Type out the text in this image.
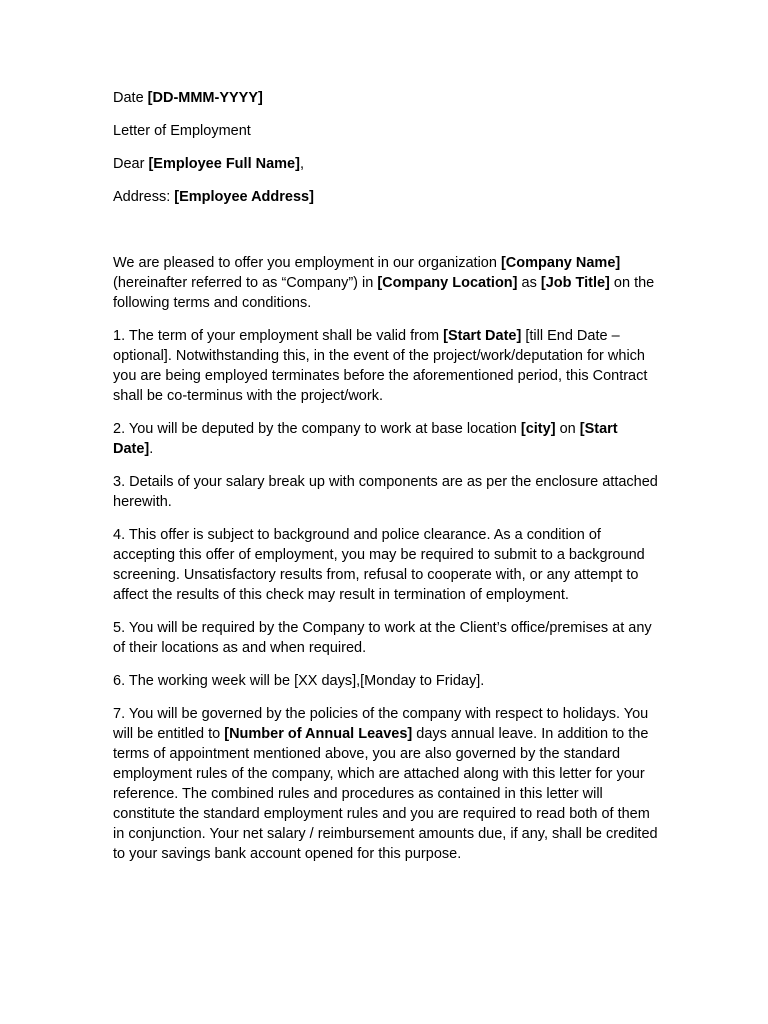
Date [DD-MMM-YYYY]

Letter of Employment

Dear [Employee Full Name],

Address: [Employee Address]

We are pleased to offer you employment in our organization [Company Name] (hereinafter referred to as “Company”) in [Company Location] as [Job Title] on the following terms and conditions.

1. The term of your employment shall be valid from [Start Date] [till End Date – optional]. Notwithstanding this, in the event of the project/work/deputation for which you are being employed terminates before the aforementioned period, this Contract shall be co-terminus with the project/work.

2. You will be deputed by the company to work at base location [city] on [Start Date].

3. Details of your salary break up with components are as per the enclosure attached herewith.

4. This offer is subject to background and police clearance. As a condition of accepting this offer of employment, you may be required to submit to a background screening. Unsatisfactory results from, refusal to cooperate with, or any attempt to affect the results of this check may result in termination of employment.

5. You will be required by the Company to work at the Client’s office/premises at any of their locations as and when required.

6. The working week will be [XX days],[Monday to Friday].

7. You will be governed by the policies of the company with respect to holidays. You will be entitled to [Number of Annual Leaves] days annual leave. In addition to the terms of appointment mentioned above, you are also governed by the standard employment rules of the company, which are attached along with this letter for your reference. The combined rules and procedures as contained in this letter will constitute the standard employment rules and you are required to read both of them in conjunction. Your net salary / reimbursement amounts due, if any, shall be credited to your savings bank account opened for this purpose.
